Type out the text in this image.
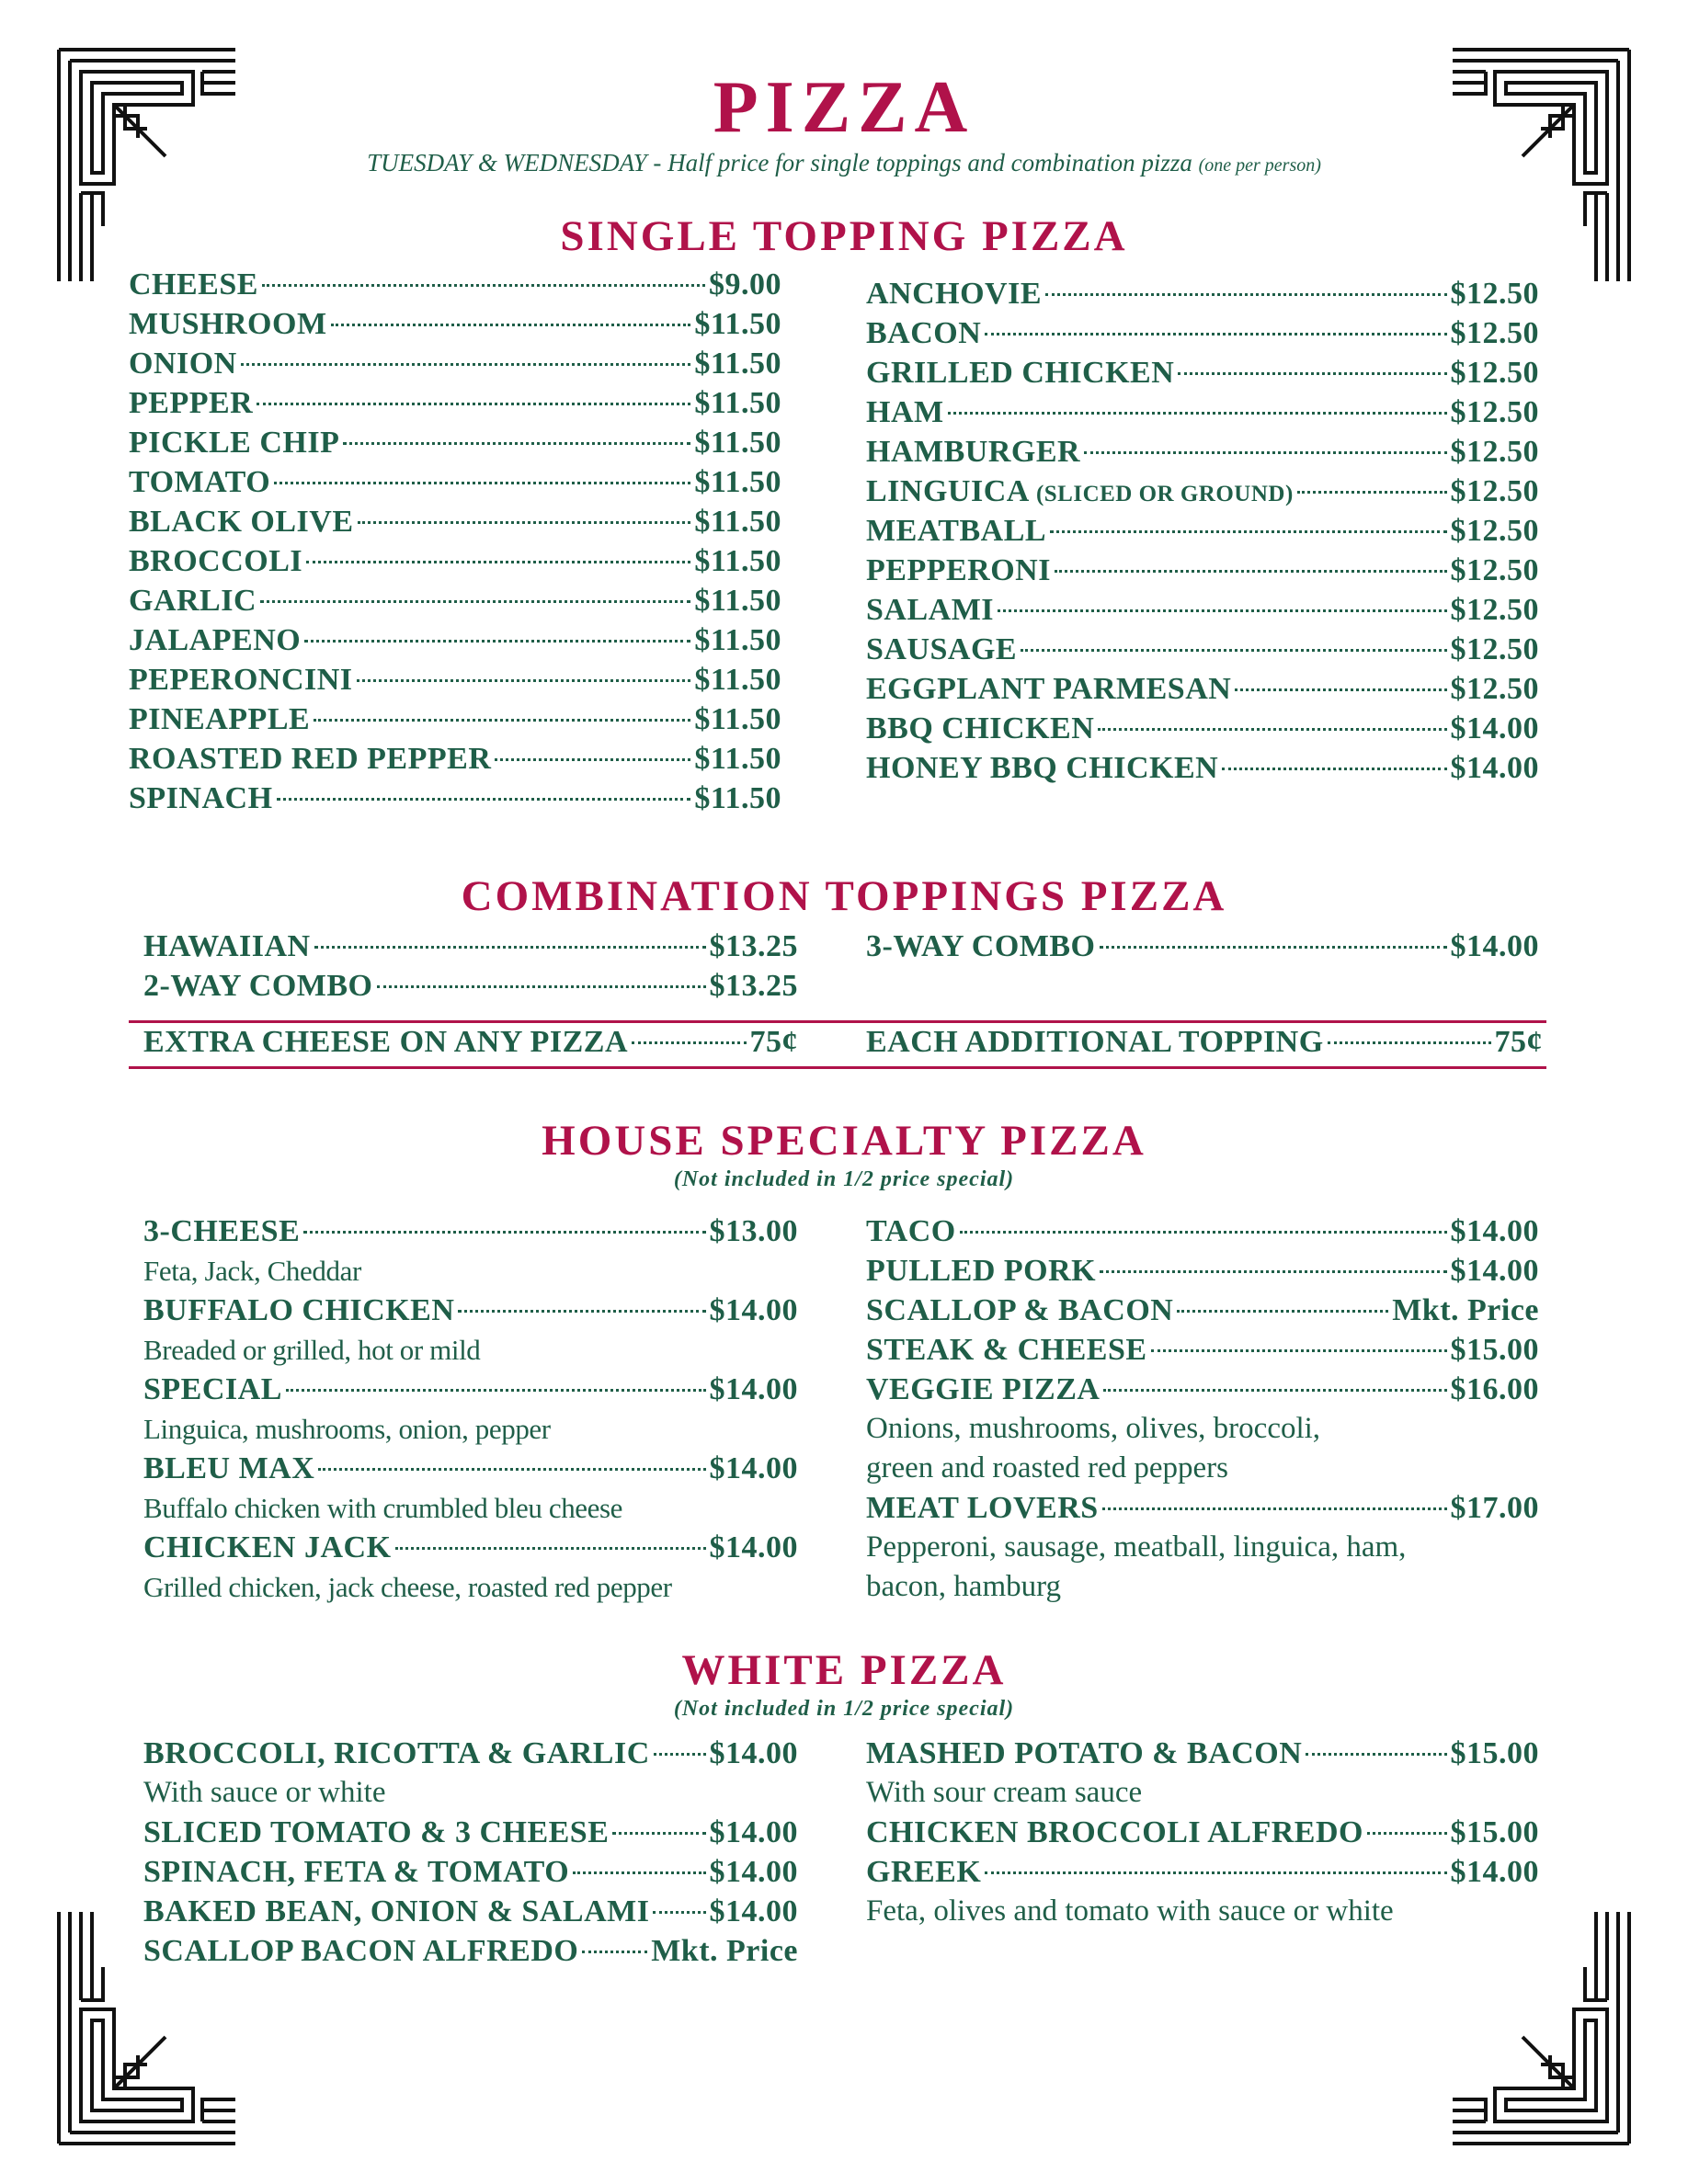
PIZZA
TUESDAY & WEDNESDAY - Half price for single toppings and combination pizza (one per person)
SINGLE TOPPING PIZZA
CHEESE	$9.00
MUSHROOM	$11.50
ONION	$11.50
PEPPER	$11.50
PICKLE CHIP	$11.50
TOMATO	$11.50
BLACK OLIVE	$11.50
BROCCOLI	$11.50
GARLIC	$11.50
JALAPENO	$11.50
PEPERONCINI	$11.50
PINEAPPLE	$11.50
ROASTED RED PEPPER	$11.50
SPINACH	$11.50
ANCHOVIE	$12.50
BACON	$12.50
GRILLED CHICKEN	$12.50
HAM	$12.50
HAMBURGER	$12.50
LINGUICA (SLICED OR GROUND)	$12.50
MEATBALL	$12.50
PEPPERONI	$12.50
SALAMI	$12.50
SAUSAGE	$12.50
EGGPLANT PARMESAN	$12.50
BBQ CHICKEN	$14.00
HONEY BBQ CHICKEN	$14.00
COMBINATION TOPPINGS PIZZA
HAWAIIAN	$13.25
2-WAY COMBO	$13.25
3-WAY COMBO	$14.00
EXTRA CHEESE ON ANY PIZZA	75¢ EACH ADDITIONAL TOPPING	75¢
HOUSE SPECIALTY PIZZA
(Not included in 1/2 price special)
3-CHEESE	$13.00
Feta, Jack, Cheddar
BUFFALO CHICKEN	$14.00
Breaded or grilled, hot or mild
SPECIAL	$14.00
Linguica, mushrooms, onion, pepper
BLEU MAX	$14.00
Buffalo chicken with crumbled bleu cheese
CHICKEN JACK	$14.00
Grilled chicken, jack cheese, roasted red pepper
TACO	$14.00
PULLED PORK	$14.00
SCALLOP & BACON	Mkt. Price
STEAK & CHEESE	$15.00
VEGGIE PIZZA	$16.00
Onions, mushrooms, olives, broccoli,
green and roasted red peppers
MEAT LOVERS	$17.00
Pepperoni, sausage, meatball, linguica, ham,
bacon, hamburg
WHITE PIZZA
(Not included in 1/2 price special)
BROCCOLI, RICOTTA & GARLIC $14.00
With sauce or white
SLICED TOMATO & 3 CHEESE	$14.00
SPINACH, FETA & TOMATO	$14.00
BAKED BEAN, ONION & SALAMI $14.00
SCALLOP BACON ALFREDO Mkt. Price
MASHED POTATO & BACON	$15.00
With sour cream sauce
CHICKEN BROCCOLI ALFREDO	$15.00
GREEK	$14.00
Feta, olives and tomato with sauce or white
